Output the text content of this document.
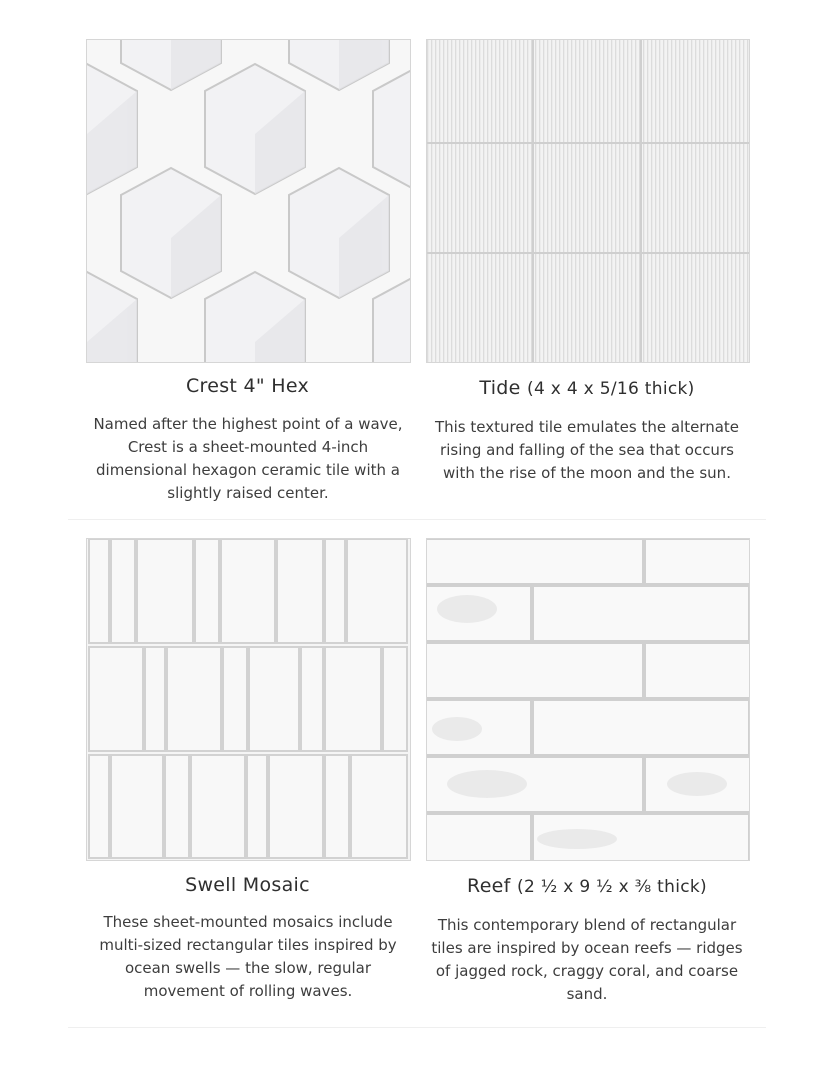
Crest 4" Hex
Named after the highest point of a wave, Crest is a sheet-mounted 4-inch dimensional hexagon ceramic tile with a slightly raised center.
Tide (4 x 4 x 5/16 thick)
This textured tile emulates the alternate rising and falling of the sea that occurs with the rise of the moon and the sun.
Swell Mosaic
These sheet-mounted mosaics include multi-sized rectangular tiles inspired by ocean swells — the slow, regular movement of rolling waves.
Reef (2 ½ x 9 ½ x ⅜ thick)
This contemporary blend of rectangular tiles are inspired by ocean reefs — ridges of jagged rock, craggy coral, and coarse sand.
